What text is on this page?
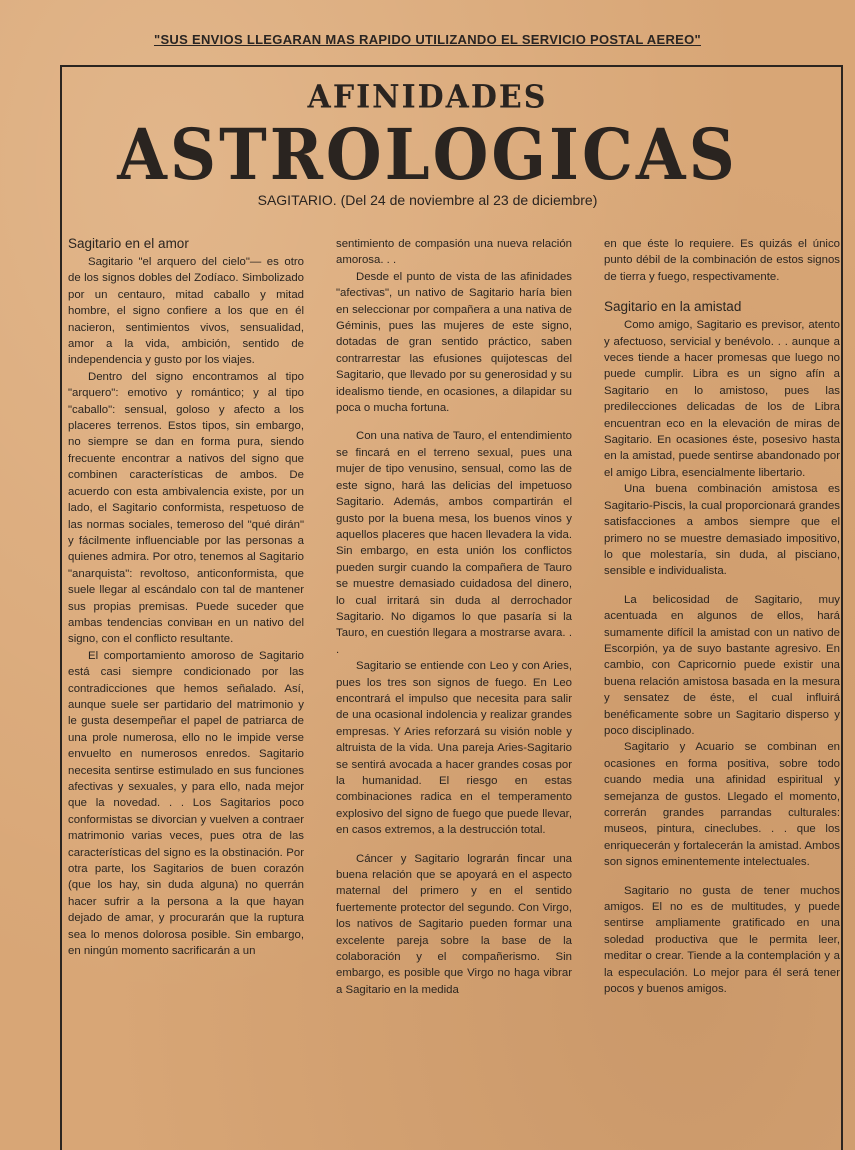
"SUS ENVIOS LLEGARAN MAS RAPIDO UTILIZANDO EL SERVICIO POSTAL AEREO"
AFINIDADES
ASTROLOGICAS
SAGITARIO. (Del 24 de noviembre al 23 de diciembre)
Sagitario en el amor

Sagitario "el arquero del cielo"— es otro de los signos dobles del Zodíaco. Simbolizado por un centauro, mitad caballo y mitad hombre, el signo confiere a los que en él nacieron, sentimientos vivos, sensualidad, amor a la vida, ambición, sentido de independencia y gusto por los viajes.

Dentro del signo encontramos al tipo "arquero": emotivo y romántico; y al tipo "caballo": sensual, goloso y afecto a los placeres terrenos. Estos tipos, sin embargo, no siempre se dan en forma pura, siendo frecuente encontrar a nativos del signo que combinen características de ambos. De acuerdo con esta ambivalencia existe, por un lado, el Sagitario conformista, respetuoso de las normas sociales, temeroso del "qué dirán" y fácilmente influenciable por las personas a quienes admira. Por otro, tenemos al Sagitario "anarquista": revoltoso, anticonformista, que suele llegar al escándalo con tal de mantener sus propias premisas. Puede suceder que ambas tendencias conviван en un nativo del signo, con el conflicto resultante.

El comportamiento amoroso de Sagitario está casi siempre condicionado por las contradicciones que hemos señalado. Así, aunque suele ser partidario del matrimonio y le gusta desempeñar el papel de patriarca de una prole numerosa, ello no le impide verse envuelto en numerosos enredos. Sagitario necesita sentirse estimulado en sus funciones afectivas y sexuales, y para ello, nada mejor que la novedad. . . Los Sagitarios poco conformistas se divorcian y vuelven a contraer matrimonio varias veces, pues otra de las características del signo es la obstinación. Por otra parte, los Sagitarios de buen corazón (que los hay, sin duda alguna) no querrán hacer sufrir a la persona a la que hayan dejado de amar, y procurarán que la ruptura sea lo menos dolorosa posible. Sin embargo, en ningún momento sacrificarán a un

sentimiento de compasión una nueva relación amorosa. . .

Desde el punto de vista de las afinidades "afectivas", un nativo de Sagitario haría bien en seleccionar por compañera a una nativa de Géminis, pues las mujeres de este signo, dotadas de gran sentido práctico, saben contrarrestar las efusiones quijotescas del Sagitario, que llevado por su generosidad y su idealismo tiende, en ocasiones, a dilapidar su poca o mucha fortuna.

Con una nativa de Tauro, el entendimiento se fincará en el terreno sexual, pues una mujer de tipo venusino, sensual, como las de este signo, hará las delicias del impetuoso Sagitario. Además, ambos compartirán el gusto por la buena mesa, los buenos vinos y aquellos placeres que hacen llevadera la vida. Sin embargo, en esta unión los conflictos pueden surgir cuando la compañera de Tauro se muestre demasiado cuidadosa del dinero, lo cual irritará sin duda al derrochador Sagitario. No digamos lo que pasaría si la Tauro, en cuestión llegara a mostrarse avara. . .

Sagitario se entiende con Leo y con Aries, pues los tres son signos de fuego. En Leo encontrará el impulso que necesita para salir de una ocasional indolencia y realizar grandes empresas. Y Aries reforzará su visión noble y altruista de la vida. Una pareja Aries-Sagitario se sentirá avocada a hacer grandes cosas por la humanidad. El riesgo en estas combinaciones radica en el temperamento explosivo del signo de fuego que puede llevar, en casos extremos, a la destrucción total.

Cáncer y Sagitario lograrán fincar una buena relación que se apoyará en el aspecto maternal del primero y en el sentido fuertemente protector del segundo. Con Virgo, los nativos de Sagitario pueden formar una excelente pareja sobre la base de la colaboración y el compañerismo. Sin embargo, es posible que Virgo no haga vibrar a Sagitario en la medida

en que éste lo requiere. Es quizás el único punto débil de la combinación de estos signos de tierra y fuego, respectivamente.

Sagitario en la amistad

Como amigo, Sagitario es previsor, atento y afectuoso, servicial y benévolo. . . aunque a veces tiende a hacer promesas que luego no puede cumplir. Libra es un signo afín a Sagitario en lo amistoso, pues las predilecciones delicadas de los de Libra encuentran eco en la elevación de miras de Sagitario. En ocasiones éste, posesivo hasta en la amistad, puede sentirse abandonado por el amigo Libra, esencialmente libertario.

Una buena combinación amistosa es Sagitario-Piscis, la cual proporcionará grandes satisfacciones a ambos siempre que el primero no se muestre demasiado impositivo, lo que molestaría, sin duda, al pisciano, sensible e individualista.

La belicosidad de Sagitario, muy acentuada en algunos de ellos, hará sumamente difícil la amistad con un nativo de Escorpión, ya de suyo bastante agresivo. En cambio, con Capricornio puede existir una buena relación amistosa basada en la mesura y sensatez de éste, el cual influirá benéficamente sobre un Sagitario disperso y poco disciplinado.

Sagitario y Acuario se combinan en ocasiones en forma positiva, sobre todo cuando media una afinidad espiritual y semejanza de gustos. Llegado el momento, correrán grandes parrandas culturales: museos, pintura, cineclubes. . . que los enriquecerán y fortalecerán la amistad. Ambos son signos eminentemente intelectuales.

Sagitario no gusta de tener muchos amigos. El no es de multitudes, y puede sentirse ampliamente gratificado en una soledad productiva que le permita leer, meditar o crear. Tiende a la contemplación y a la especulación. Lo mejor para él será tener pocos y buenos amigos.
